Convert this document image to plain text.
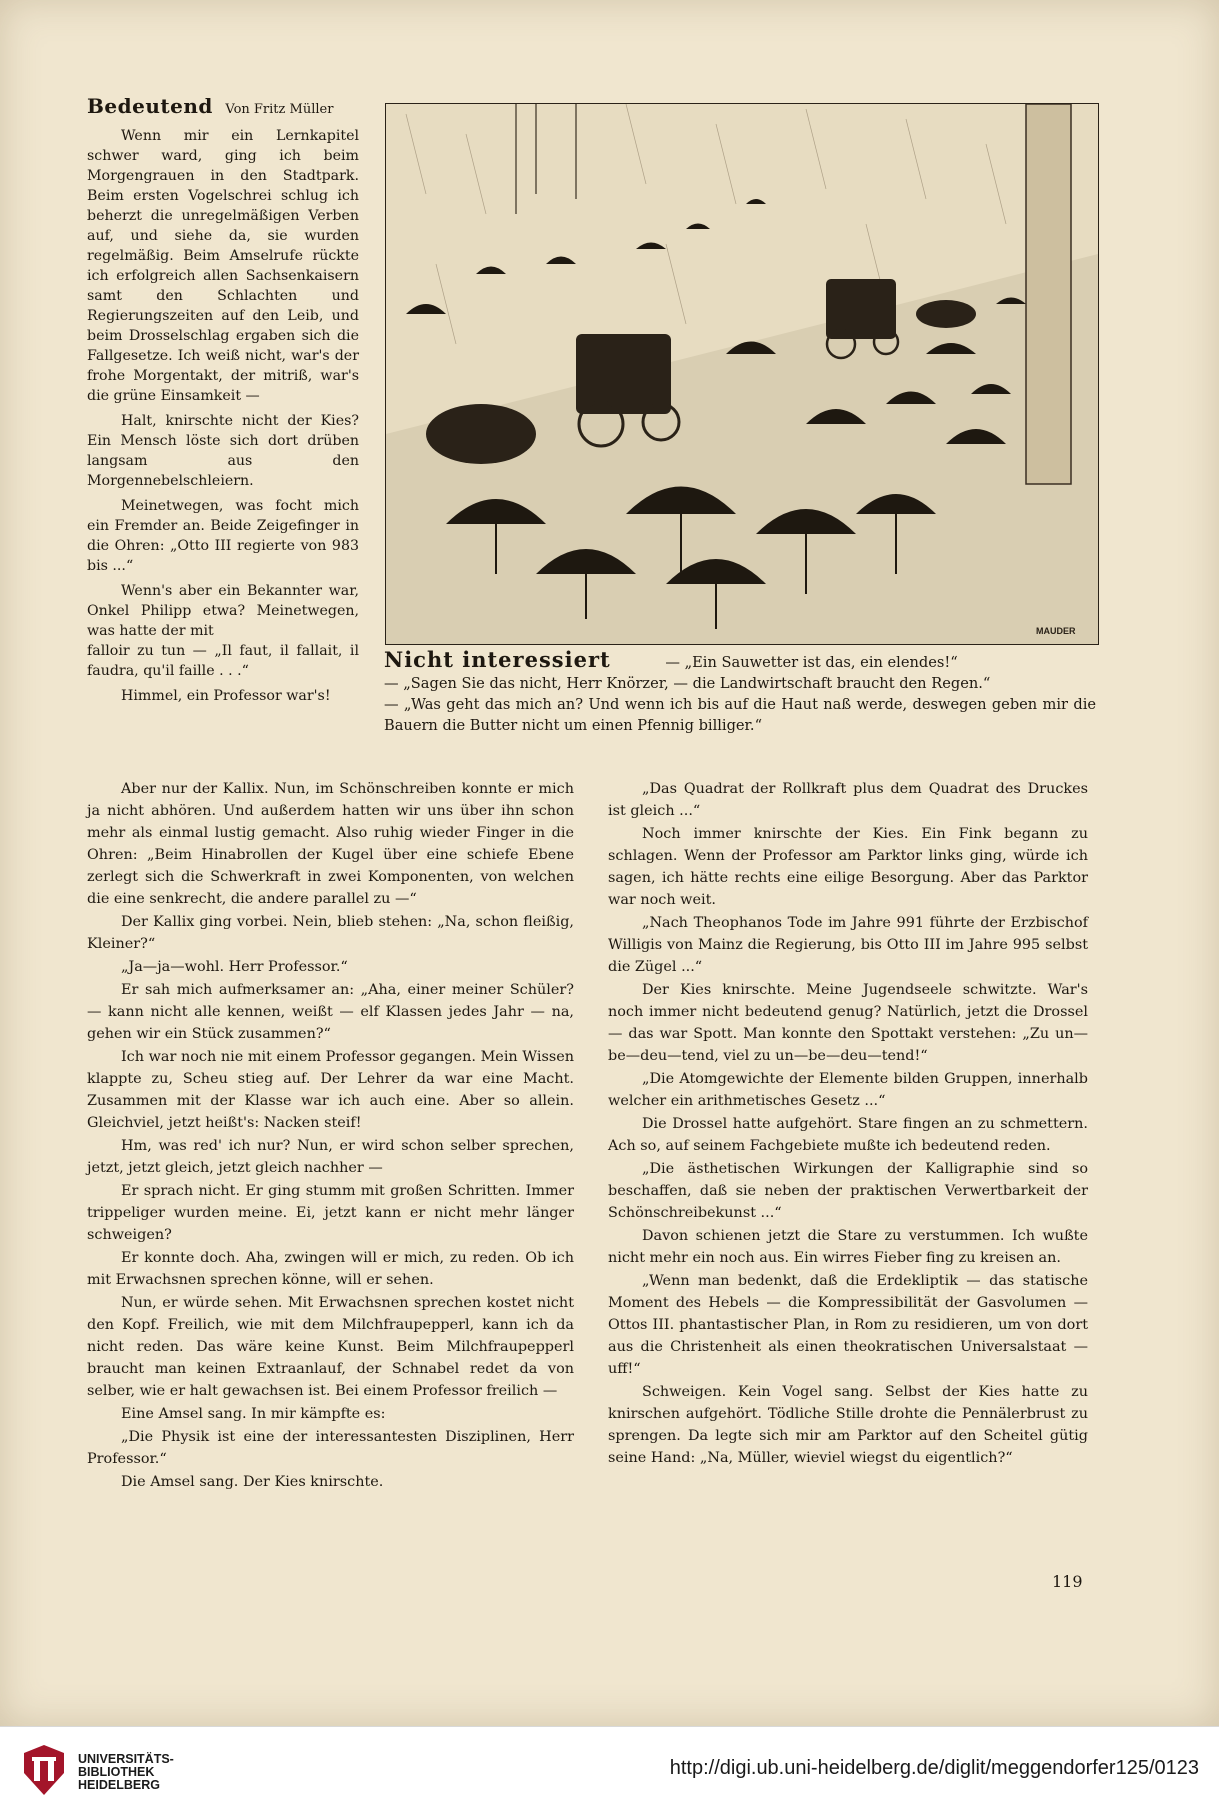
Bedeutend Von Fritz Müller

Wenn mir ein Lernkapitel schwer ward, ging ich beim Morgengrauen in den Stadtpark. Beim ersten Vogelschrei schlug ich beherzt die unregelmäßigen Verben auf, und siehe da, sie wurden regelmäßig. Beim Amselrufe rückte ich erfolgreich allen Sachsenkaisern samt den Schlachten und Regierungszeiten auf den Leib, und beim Drosselschlag ergaben sich die Fallgesetze. Ich weiß nicht, war's der frohe Morgentakt, der mitriß, war's die grüne Einsamkeit —

Halt, knirschte nicht der Kies? Ein Mensch löste sich dort drüben langsam aus den Morgennebelschleiern.

Meinetwegen, was focht mich ein Fremder an. Beide Zeigefinger in die Ohren: „Otto III regierte von 983 bis ...“

Wenn's aber ein Bekannter war, Onkel Philipp etwa? Meinetwegen, was hatte der mit

falloir zu tun — „Il faut, il fallait, il faudra, qu'il faille . . .“

Himmel, ein Professor war's!

MAUDER

Nicht interessiert	— „Ein Sauwetter ist das, ein elendes!“

— „Sagen Sie das nicht, Herr Knörzer, — die Landwirtschaft braucht den Regen.“

— „Was geht das mich an? Und wenn ich bis auf die Haut naß werde, deswegen geben mir die Bauern die Butter nicht um einen Pfennig billiger.“

Aber nur der Kallix. Nun, im Schönschreiben konnte er mich ja nicht abhören. Und außerdem hatten wir uns über ihn schon mehr als einmal lustig gemacht. Also ruhig wieder Finger in die Ohren: „Beim Hinabrollen der Kugel über eine schiefe Ebene zerlegt sich die Schwerkraft in zwei Komponenten, von welchen die eine senkrecht, die andere parallel zu —“

Der Kallix ging vorbei. Nein, blieb stehen: „Na, schon fleißig, Kleiner?“

„Ja—ja—wohl. Herr Professor.“

Er sah mich aufmerksamer an: „Aha, einer meiner Schüler? — kann nicht alle kennen, weißt — elf Klassen jedes Jahr — na, gehen wir ein Stück zusammen?“

Ich war noch nie mit einem Professor gegangen. Mein Wissen klappte zu, Scheu stieg auf. Der Lehrer da war eine Macht. Zusammen mit der Klasse war ich auch eine. Aber so allein. Gleichviel, jetzt heißt's: Nacken steif!

Hm, was red' ich nur? Nun, er wird schon selber sprechen, jetzt, jetzt gleich, jetzt gleich nachher —

Er sprach nicht. Er ging stumm mit großen Schritten. Immer trippeliger wurden meine. Ei, jetzt kann er nicht mehr länger schweigen?

Er konnte doch. Aha, zwingen will er mich, zu reden. Ob ich mit Erwachsnen sprechen könne, will er sehen.

Nun, er würde sehen. Mit Erwachsnen sprechen kostet nicht den Kopf. Freilich, wie mit dem Milchfraupepperl, kann ich da nicht reden. Das wäre keine Kunst. Beim Milchfraupepperl braucht man keinen Extraanlauf, der Schnabel redet da von selber, wie er halt gewachsen ist. Bei einem Professor freilich —

Eine Amsel sang. In mir kämpfte es:

„Die Physik ist eine der interessantesten Disziplinen, Herr Professor.“

Die Amsel sang. Der Kies knirschte.

„Das Quadrat der Rollkraft plus dem Quadrat des Druckes ist gleich ...“

Noch immer knirschte der Kies. Ein Fink begann zu schlagen. Wenn der Professor am Parktor links ging, würde ich sagen, ich hätte rechts eine eilige Besorgung. Aber das Parktor war noch weit.

„Nach Theophanos Tode im Jahre 991 führte der Erzbischof Willigis von Mainz die Regierung, bis Otto III im Jahre 995 selbst die Zügel ...“

Der Kies knirschte. Meine Jugendseele schwitzte. War's noch immer nicht bedeutend genug? Natürlich, jetzt die Drossel — das war Spott. Man konnte den Spottakt verstehen: „Zu un—be—deu—tend, viel zu un—be—deu—tend!“

„Die Atomgewichte der Elemente bilden Gruppen, innerhalb welcher ein arithmetisches Gesetz ...“

Die Drossel hatte aufgehört. Stare fingen an zu schmettern. Ach so, auf seinem Fachgebiete mußte ich bedeutend reden.

„Die ästhetischen Wirkungen der Kalligraphie sind so beschaffen, daß sie neben der praktischen Verwertbarkeit der Schönschreibekunst ...“

Davon schienen jetzt die Stare zu verstummen. Ich wußte nicht mehr ein noch aus. Ein wirres Fieber fing zu kreisen an.

„Wenn man bedenkt, daß die Erdekliptik — das statische Moment des Hebels — die Kompressibilität der Gasvolumen — Ottos III. phantastischer Plan, in Rom zu residieren, um von dort aus die Christenheit als einen theokratischen Universalstaat — uff!“

Schweigen. Kein Vogel sang. Selbst der Kies hatte zu knirschen aufgehört. Tödliche Stille drohte die Pennälerbrust zu sprengen. Da legte sich mir am Parktor auf den Scheitel gütig seine Hand: „Na, Müller, wieviel wiegst du eigentlich?“

119
UNIVERSITÄTS-
BIBLIOTHEK
HEIDELBERG
http://digi.ub.uni-heidelberg.de/diglit/meggendorfer125/0123
